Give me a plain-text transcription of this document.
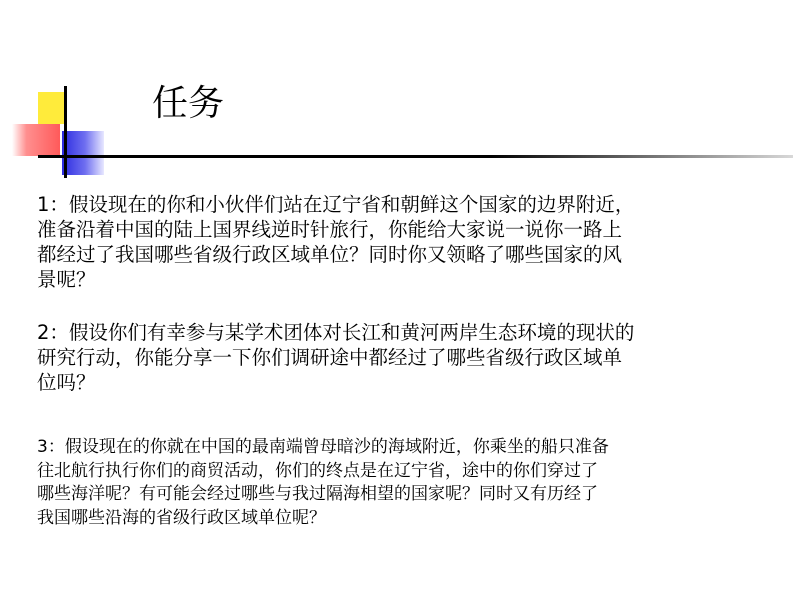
任务

1：假设现在的你和小伙伴们站在辽宁省和朝鲜这个国家的边界附近，
准备沿着中国的陆上国界线逆时针旅行，你能给大家说一说你一路上
都经过了我国哪些省级行政区域单位？同时你又领略了哪些国家的风
景呢？

2：假设你们有幸参与某学术团体对长江和黄河两岸生态环境的现状的
研究行动，你能分享一下你们调研途中都经过了哪些省级行政区域单
位吗？

3：假设现在的你就在中国的最南端曾母暗沙的海域附近，你乘坐的船只准备
往北航行执行你们的商贸活动，你们的终点是在辽宁省，途中的你们穿过了
哪些海洋呢？有可能会经过哪些与我过隔海相望的国家呢？同时又有历经了
我国哪些沿海的省级行政区域单位呢？
